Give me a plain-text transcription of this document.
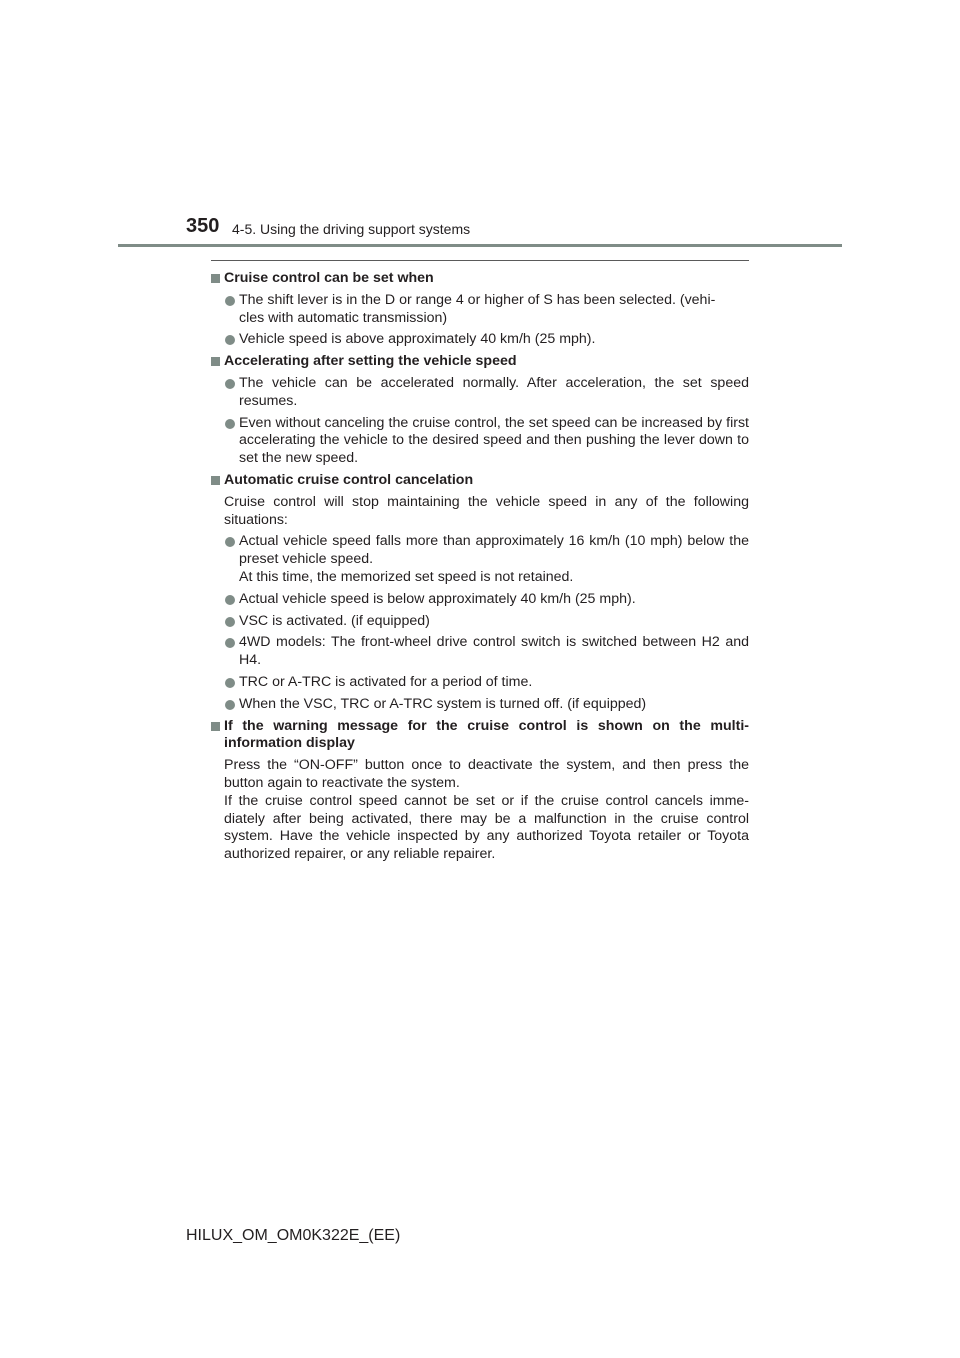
350 4-5. Using the driving support systems
Cruise control can be set when
The shift lever is in the D or range 4 or higher of S has been selected. (vehi-
cles with automatic transmission)
Vehicle speed is above approximately 40 km/h (25 mph).
Accelerating after setting the vehicle speed
The vehicle can be accelerated normally. After acceleration, the set speed resumes.
Even without canceling the cruise control, the set speed can be increased by first accelerating the vehicle to the desired speed and then pushing the lever down to set the new speed.
Automatic cruise control cancelation
Cruise control will stop maintaining the vehicle speed in any of the following situations:
Actual vehicle speed falls more than approximately 16 km/h (10 mph) below the preset vehicle speed.
At this time, the memorized set speed is not retained.
Actual vehicle speed is below approximately 40 km/h (25 mph).
VSC is activated. (if equipped)
4WD models: The front-wheel drive control switch is switched between H2 and H4.
TRC or A-TRC is activated for a period of time.
When the VSC, TRC or A-TRC system is turned off. (if equipped)
If the warning message for the cruise control is shown on the multi-information display
Press the “ON-OFF” button once to deactivate the system, and then press the button again to reactivate the system.
If the cruise control speed cannot be set or if the cruise control cancels imme-diately after being activated, there may be a malfunction in the cruise control system. Have the vehicle inspected by any authorized Toyota retailer or Toyota authorized repairer, or any reliable repairer.
HILUX_OM_OM0K322E_(EE)
